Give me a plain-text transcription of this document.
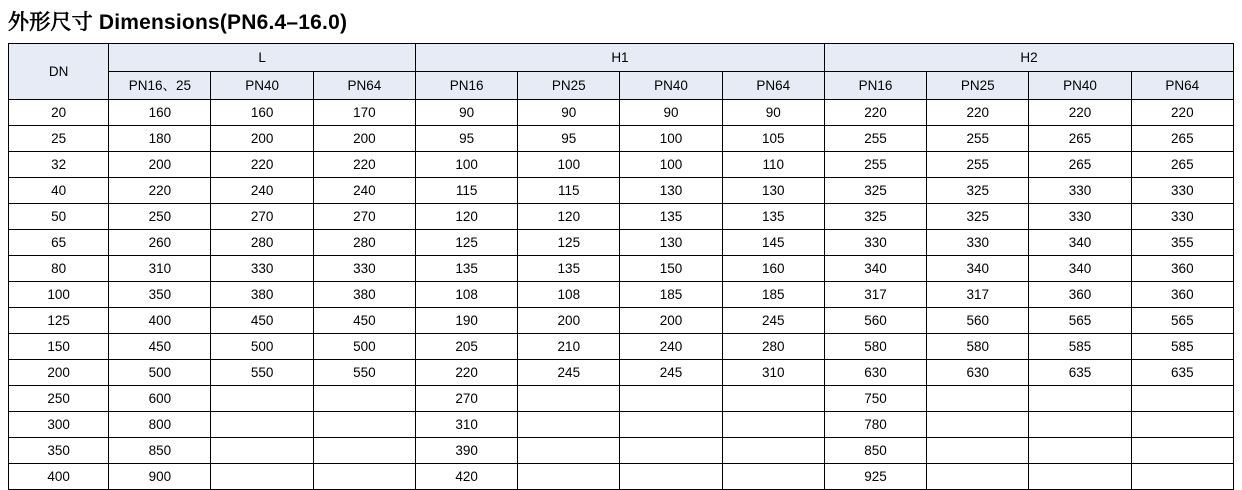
外形尺寸 Dimensions(PN6.4–16.0)
DN	L			H1				H2			
	PN16、25	PN40	PN64	PN16	PN25	PN40	PN64	PN16	PN25	PN40	PN64
20	160	160	170	90	90	90	90	220	220	220	220
25	180	200	200	95	95	100	105	255	255	265	265
32	200	220	220	100	100	100	110	255	255	265	265
40	220	240	240	115	115	130	130	325	325	330	330
50	250	270	270	120	120	135	135	325	325	330	330
65	260	280	280	125	125	130	145	330	330	340	355
80	310	330	330	135	135	150	160	340	340	340	360
100	350	380	380	108	108	185	185	317	317	360	360
125	400	450	450	190	200	200	245	560	560	565	565
150	450	500	500	205	210	240	280	580	580	585	585
200	500	550	550	220	245	245	310	630	630	635	635
250	600			270				750			
300	800			310				780			
350	850			390				850			
400	900			420				925			
